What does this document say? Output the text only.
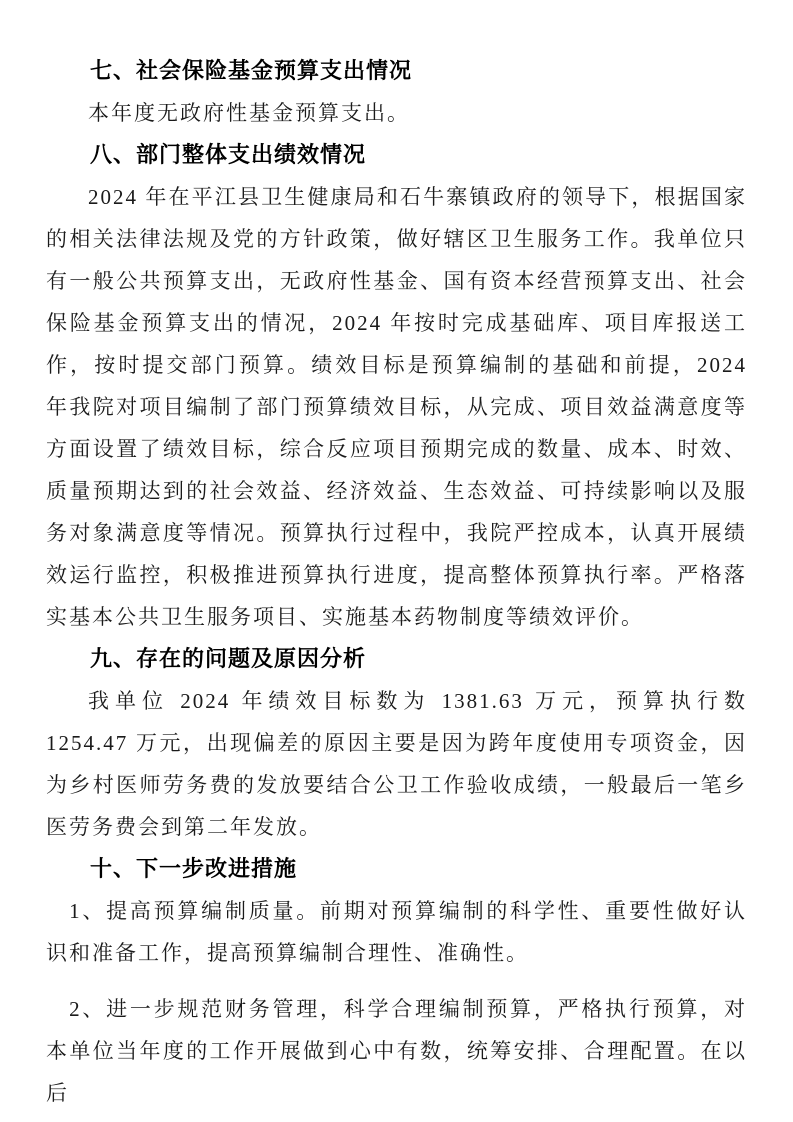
七、社会保险基金预算支出情况

本年度无政府性基金预算支出。

八、部门整体支出绩效情况

2024 年在平江县卫生健康局和石牛寨镇政府的领导下，根据国家的相关法律法规及党的方针政策，做好辖区卫生服务工作。我单位只有一般公共预算支出，无政府性基金、国有资本经营预算支出、社会保险基金预算支出的情况，2024 年按时完成基础库、项目库报送工作，按时提交部门预算。绩效目标是预算编制的基础和前提，2024 年我院对项目编制了部门预算绩效目标，从完成、项目效益满意度等方面设置了绩效目标，综合反应项目预期完成的数量、成本、时效、质量预期达到的社会效益、经济效益、生态效益、可持续影响以及服务对象满意度等情况。预算执行过程中，我院严控成本，认真开展绩效运行监控，积极推进预算执行进度，提高整体预算执行率。严格落实基本公共卫生服务项目、实施基本药物制度等绩效评价。

九、存在的问题及原因分析

我单位 2024 年绩效目标数为 1381.63 万元，预算执行数 1254.47 万元，出现偏差的原因主要是因为跨年度使用专项资金，因为乡村医师劳务费的发放要结合公卫工作验收成绩，一般最后一笔乡医劳务费会到第二年发放。

十、下一步改进措施

1、提高预算编制质量。前期对预算编制的科学性、重要性做好认识和准备工作，提高预算编制合理性、准确性。

2、进一步规范财务管理，科学合理编制预算，严格执行预算，对本单位当年度的工作开展做到心中有数，统筹安排、合理配置。在以后
